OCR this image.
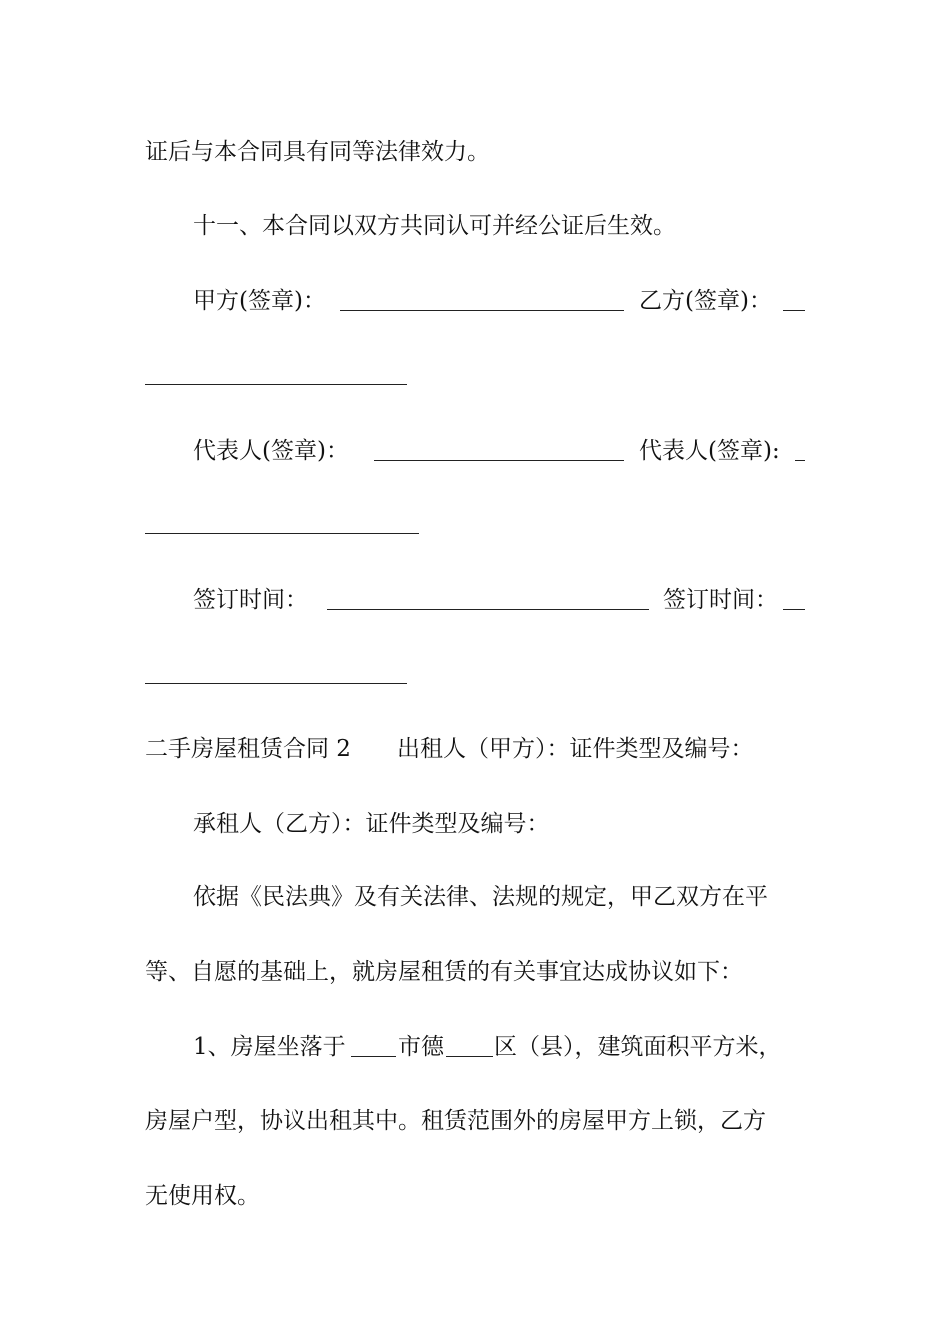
证后与本合同具有同等法律效力。
十一、本合同以双方共同认可并经公证后生效。
甲方(签章)：	乙方(签章)：
代表人(签章)：	代表人(签章):
签订时间：	签订时间：
二手房屋租赁合同 2　　出租人（甲方）：证件类型及编号：
承租人（乙方）：证件类型及编号：
依据《民法典》及有关法律、法规的规定，甲乙双方在平
等、自愿的基础上，就房屋租赁的有关事宜达成协议如下：
1、房屋坐落于 市德 区（县），建筑面积平方米，
房屋户型，协议出租其中。租赁范围外的房屋甲方上锁，乙方
无使用权。
